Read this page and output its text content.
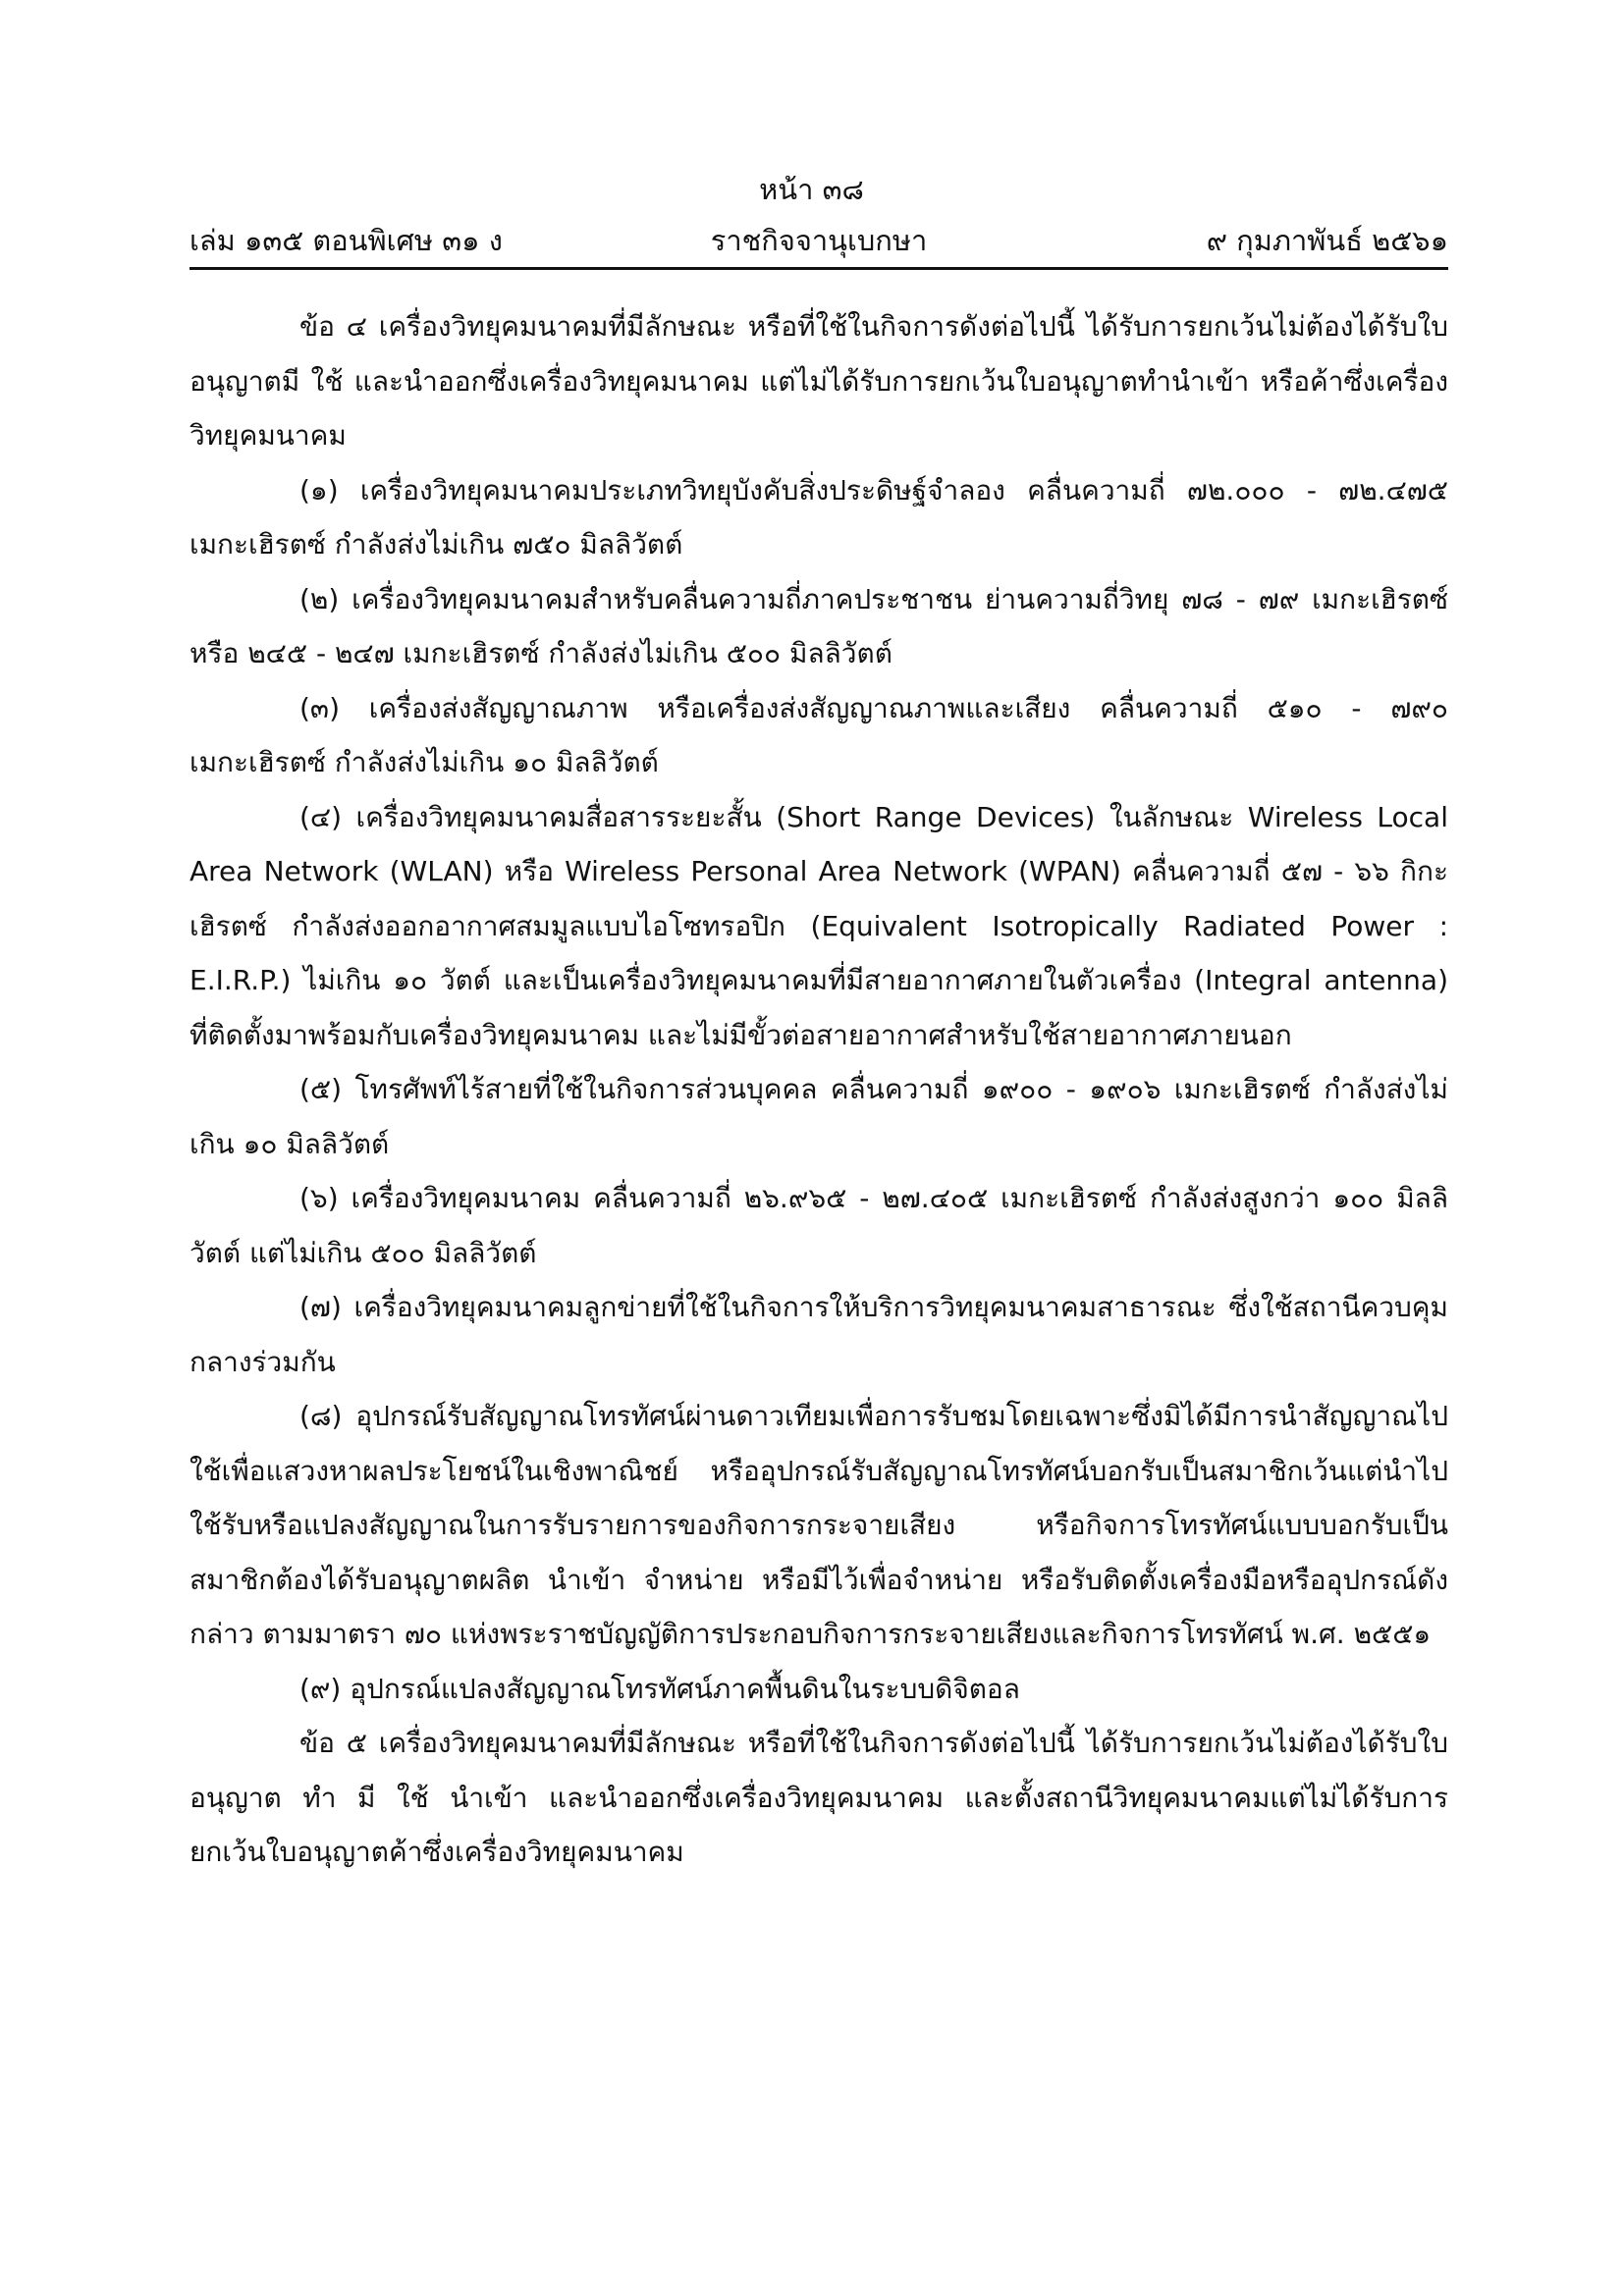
หน้า ๓๘
ราชกิจจานุเบกษา
เล่ม ๑๓๕ ตอนพิเศษ ๓๑ ง	๙ กุมภาพันธ์ ๒๕๖๑

ข้อ ๔ เครื่องวิทยุคมนาคมที่มีลักษณะ หรือที่ใช้ในกิจการดังต่อไปนี้ ได้รับการยกเว้นไม่ต้องได้รับใบอนุญาตมี ใช้ และนำออกซึ่งเครื่องวิทยุคมนาคม แต่ไม่ได้รับการยกเว้นใบอนุญาตทำนำเข้า หรือค้าซึ่งเครื่องวิทยุคมนาคม

(๑) เครื่องวิทยุคมนาคมประเภทวิทยุบังคับสิ่งประดิษฐ์จำลอง คลื่นความถี่ ๗๒.๐๐๐ - ๗๒.๔๗๕ เมกะเฮิรตซ์ กำลังส่งไม่เกิน ๗๕๐ มิลลิวัตต์

(๒) เครื่องวิทยุคมนาคมสำหรับคลื่นความถี่ภาคประชาชน ย่านความถี่วิทยุ ๗๘ - ๗๙ เมกะเฮิรตซ์ หรือ ๒๔๕ - ๒๔๗ เมกะเฮิรตซ์ กำลังส่งไม่เกิน ๕๐๐ มิลลิวัตต์

(๓) เครื่องส่งสัญญาณภาพ หรือเครื่องส่งสัญญาณภาพและเสียง คลื่นความถี่ ๕๑๐ - ๗๙๐ เมกะเฮิรตซ์ กำลังส่งไม่เกิน ๑๐ มิลลิวัตต์

(๔) เครื่องวิทยุคมนาคมสื่อสารระยะสั้น (Short Range Devices) ในลักษณะ Wireless Local Area Network (WLAN) หรือ Wireless Personal Area Network (WPAN) คลื่นความถี่ ๕๗ - ๖๖ กิกะเฮิรตซ์ กำลังส่งออกอากาศสมมูลแบบไอโซทรอปิก (Equivalent Isotropically Radiated Power : E.I.R.P.) ไม่เกิน ๑๐ วัตต์ และเป็นเครื่องวิทยุคมนาคมที่มีสายอากาศภายในตัวเครื่อง (Integral antenna) ที่ติดตั้งมาพร้อมกับเครื่องวิทยุคมนาคม และไม่มีขั้วต่อสายอากาศสำหรับใช้สายอากาศภายนอก

(๕) โทรศัพท์ไร้สายที่ใช้ในกิจการส่วนบุคคล คลื่นความถี่ ๑๙๐๐ - ๑๙๐๖ เมกะเฮิรตซ์ กำลังส่งไม่เกิน ๑๐ มิลลิวัตต์

(๖) เครื่องวิทยุคมนาคม คลื่นความถี่ ๒๖.๙๖๕ - ๒๗.๔๐๕ เมกะเฮิรตซ์ กำลังส่งสูงกว่า ๑๐๐ มิลลิวัตต์ แต่ไม่เกิน ๕๐๐ มิลลิวัตต์

(๗) เครื่องวิทยุคมนาคมลูกข่ายที่ใช้ในกิจการให้บริการวิทยุคมนาคมสาธารณะ ซึ่งใช้สถานีควบคุมกลางร่วมกัน

(๘) อุปกรณ์รับสัญญาณโทรทัศน์ผ่านดาวเทียมเพื่อการรับชมโดยเฉพาะซึ่งมิได้มีการนำสัญญาณไปใช้เพื่อแสวงหาผลประโยชน์ในเชิงพาณิชย์ หรืออุปกรณ์รับสัญญาณโทรทัศน์บอกรับเป็นสมาชิกเว้นแต่นำไปใช้รับหรือแปลงสัญญาณในการรับรายการของกิจการกระจายเสียง หรือกิจการโทรทัศน์แบบบอกรับเป็นสมาชิกต้องได้รับอนุญาตผลิต นำเข้า จำหน่าย หรือมีไว้เพื่อจำหน่าย หรือรับติดตั้งเครื่องมือหรืออุปกรณ์ดังกล่าว ตามมาตรา ๗๐ แห่งพระราชบัญญัติการประกอบกิจการกระจายเสียงและกิจการโทรทัศน์ พ.ศ. ๒๕๕๑

(๙) อุปกรณ์แปลงสัญญาณโทรทัศน์ภาคพื้นดินในระบบดิจิตอล

ข้อ ๕ เครื่องวิทยุคมนาคมที่มีลักษณะ หรือที่ใช้ในกิจการดังต่อไปนี้ ได้รับการยกเว้นไม่ต้องได้รับใบอนุญาต ทำ มี ใช้ นำเข้า และนำออกซึ่งเครื่องวิทยุคมนาคม และตั้งสถานีวิทยุคมนาคมแต่ไม่ได้รับการยกเว้นใบอนุญาตค้าซึ่งเครื่องวิทยุคมนาคม
